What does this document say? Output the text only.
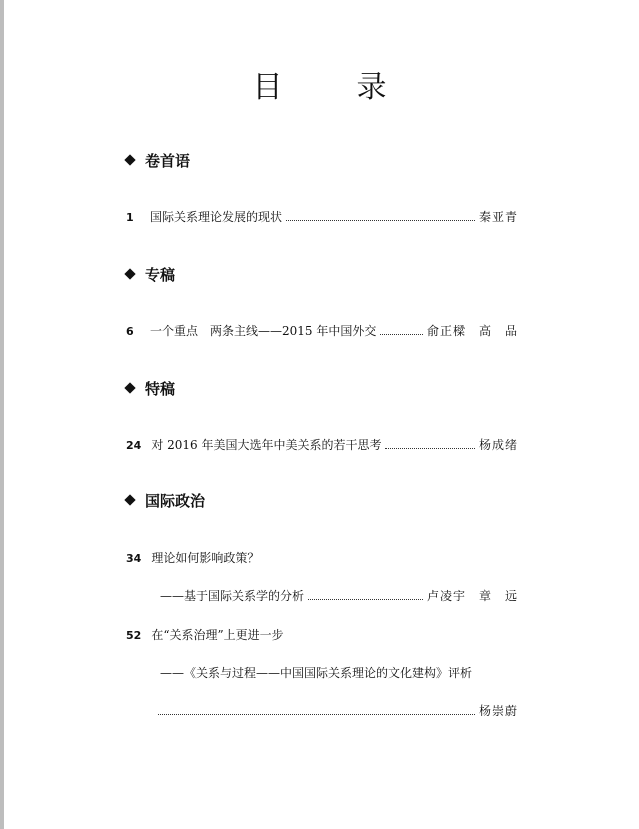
目　录
卷首语
1	国际关系理论发展的现状	秦亚青
专稿
6	一个重点　两条主线——2015 年中国外交	俞正樑　高　品
特稿
24 对 2016 年美国大选年中美关系的若干思考	杨成绪
国际政治
34 理论如何影响政策？
——基于国际关系学的分析	卢凌宇　章　远
52 在“关系治理”上更进一步
——《关系与过程——中国国际关系理论的文化建构》评析
杨崇蔚
